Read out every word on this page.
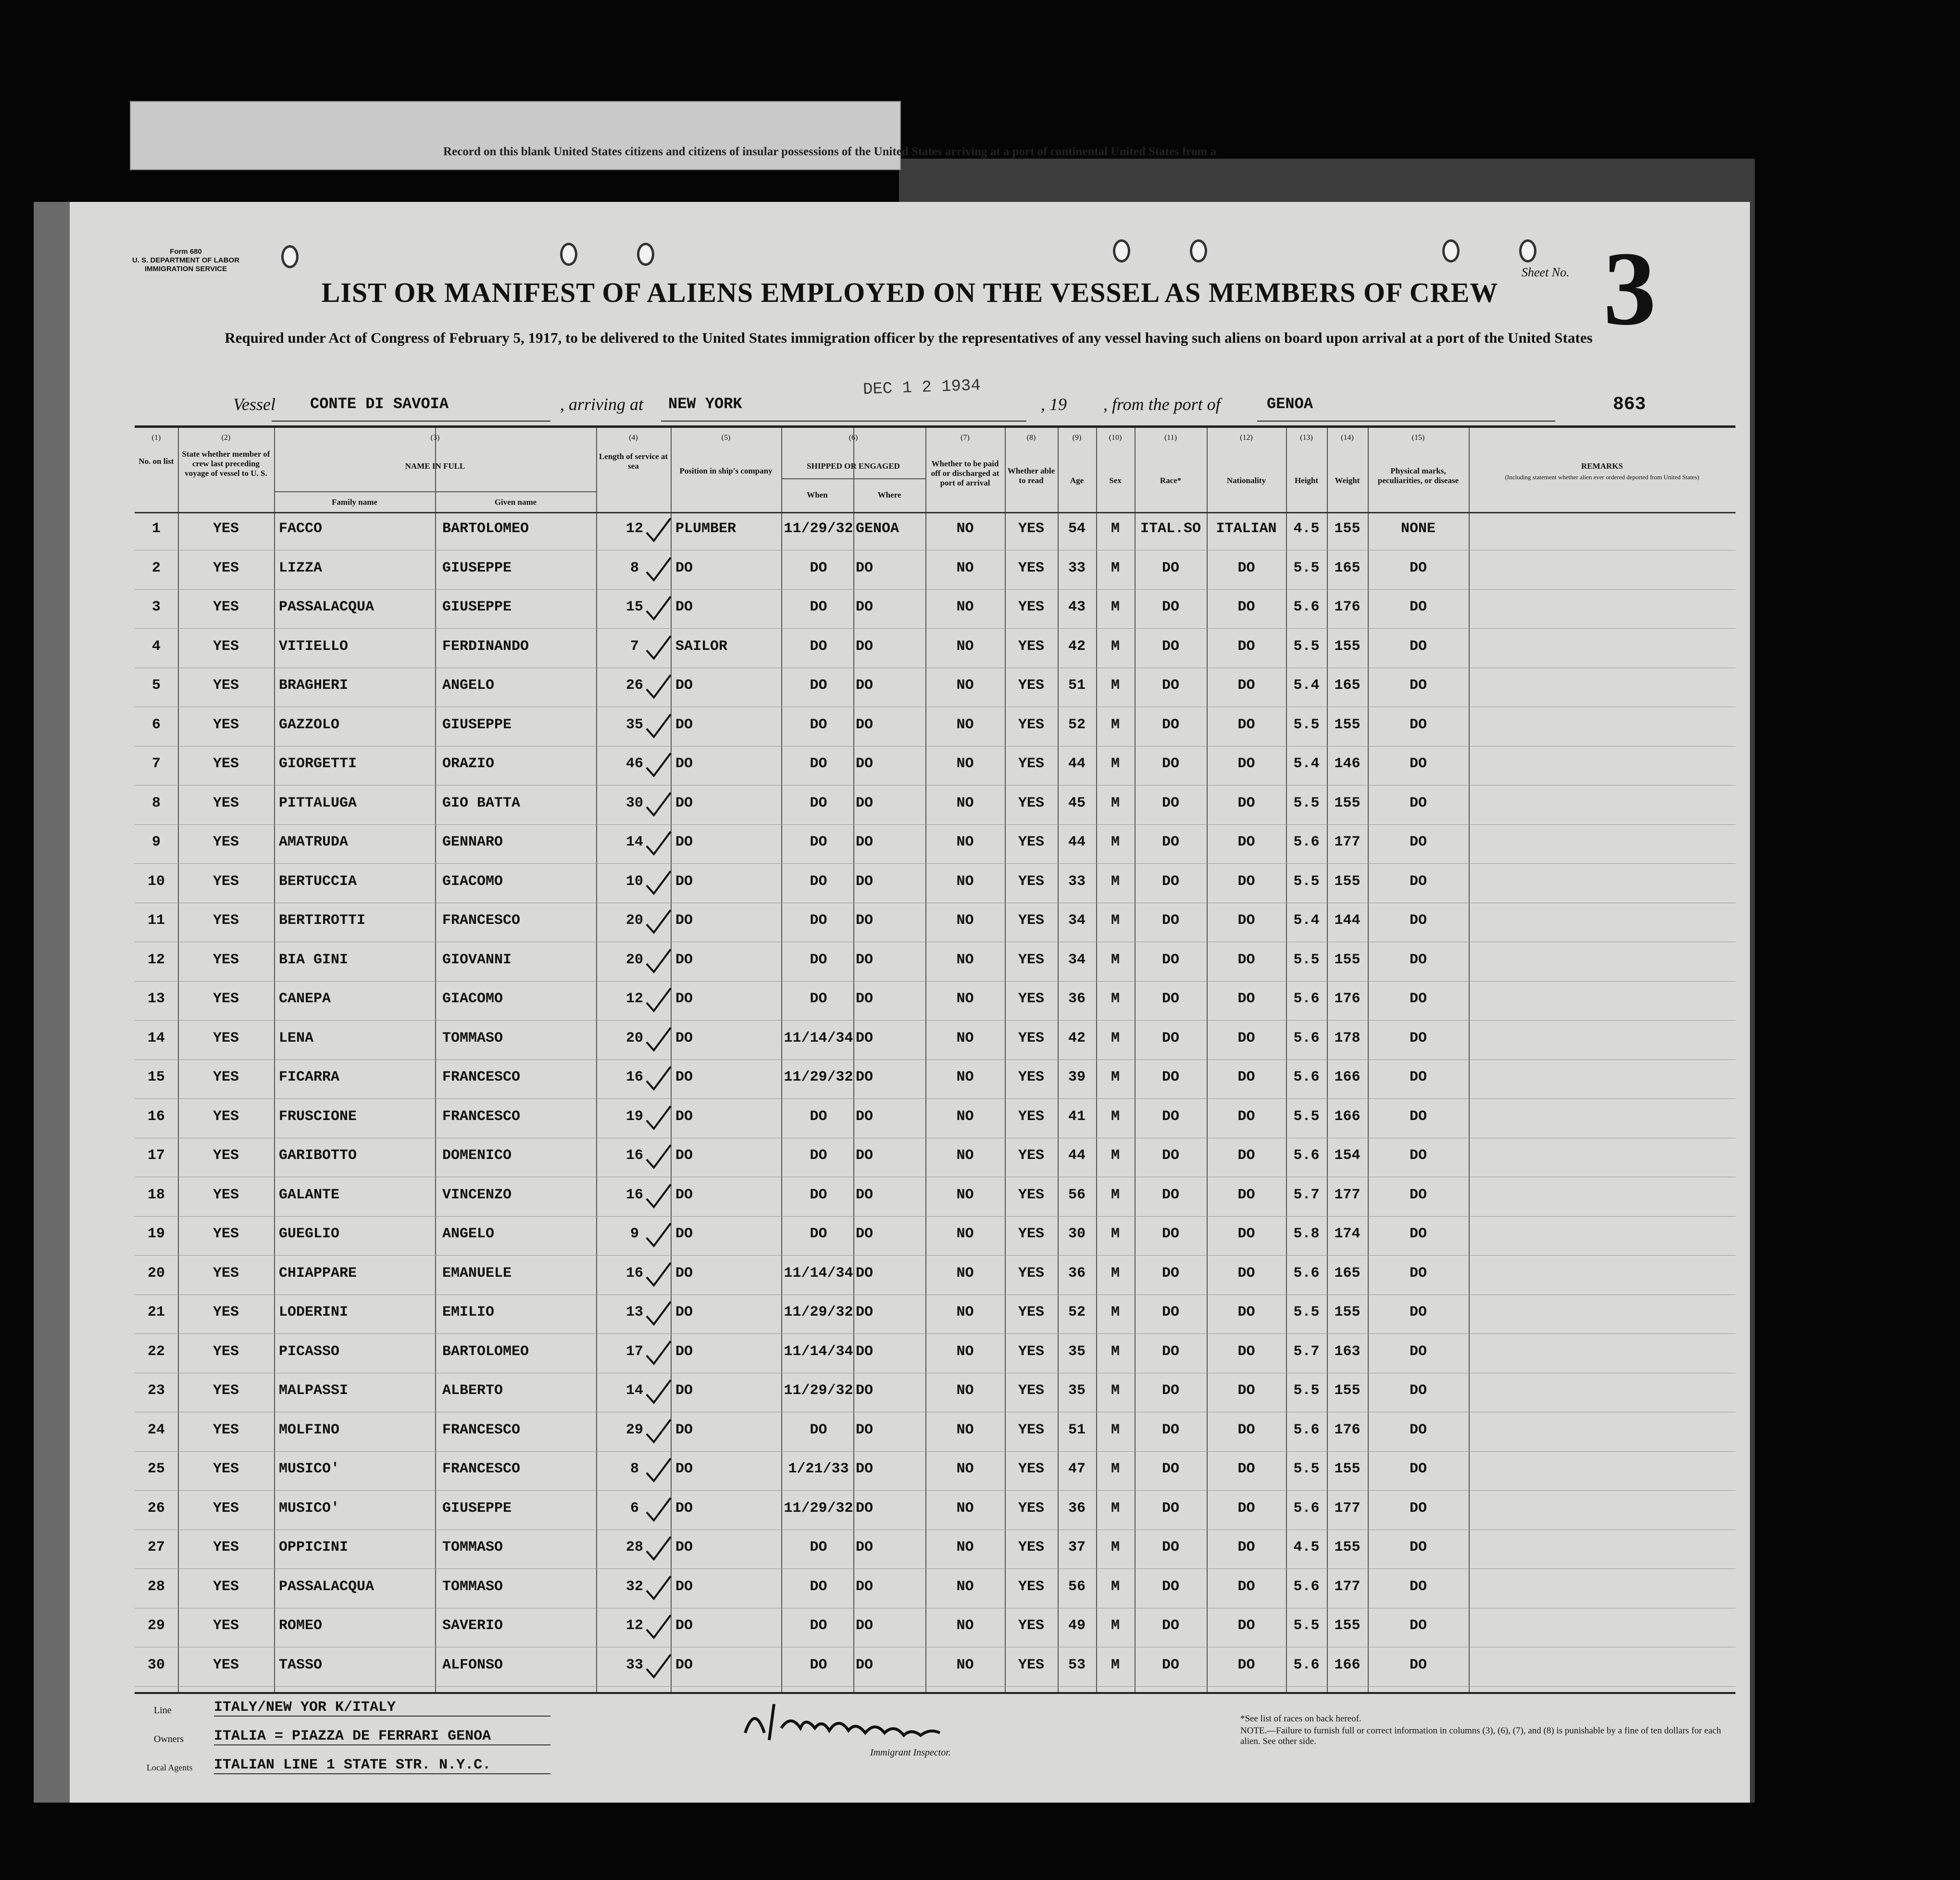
Record on this blank United States citizens and citizens of insular possessions of the United States arriving at a port of continental United States from a
Form 680
U. S. DEPARTMENT OF LABOR
IMMIGRATION SERVICE	Sheet No. 3
LIST OR MANIFEST OF ALIENS EMPLOYED ON THE VESSEL AS MEMBERS OF CREW
Required under Act of Congress of February 5, 1917, to be delivered to the United States immigration officer by the representatives of any vessel having such aliens on board upon arrival at a port of the United States
Vessel CONTE DI SAVOIA	, arriving at NEW YORK	, 19 , from the port of	GENOA
DEC 1 2 1934
863
(1)	(2)	(3)	(4)	(5)	(6)	(7)	(8)	(9)	(10)	(11)	(12)	(13)	(14)	(15)
No. on list
State whether member of crew last preceding voyage of vessel to U. S.
NAME IN FULL
Family name	Given name
Length of service at sea
Position in ship's company
SHIPPED OR ENGAGED
When	Where
Whether to be paid off or discharged at port of arrival
Whether able to read	Age	Sex	Race*	Nationality	Height	Weight
Physical marks, peculiarities, or disease
REMARKS
(Including statement whether alien ever ordered deported from United States)
1	YES	FACCO	BARTOLOMEO	12	PLUMBER	11/29/32 GENOA	NO	YES	54	M	ITAL.SO	ITALIAN	4.5	155	NONE
2	YES	LIZZA	GIUSEPPE	8	DO	DO	DO	NO	YES	33	M	DO	DO	5.5	165	DO
3	YES	PASSALACQUA	GIUSEPPE	15	DO	DO	DO	NO	YES	43	M	DO	DO	5.6	176	DO
4	YES	VITIELLO	FERDINANDO	7	SAILOR	DO	DO	NO	YES	42	M	DO	DO	5.5	155	DO
5	YES	BRAGHERI	ANGELO	26	DO	DO	DO	NO	YES	51	M	DO	DO	5.4	165	DO
6	YES	GAZZOLO	GIUSEPPE	35	DO	DO	DO	NO	YES	52	M	DO	DO	5.5	155	DO
7	YES	GIORGETTI	ORAZIO	46	DO	DO	DO	NO	YES	44	M	DO	DO	5.4	146	DO
8	YES	PITTALUGA	GIO BATTA	30	DO	DO	DO	NO	YES	45	M	DO	DO	5.5	155	DO
9	YES	AMATRUDA	GENNARO	14	DO	DO	DO	NO	YES	44	M	DO	DO	5.6	177	DO
10	YES	BERTUCCIA	GIACOMO	10	DO	DO	DO	NO	YES	33	M	DO	DO	5.5	155	DO
11	YES	BERTIROTTI	FRANCESCO	20	DO	DO	DO	NO	YES	34	M	DO	DO	5.4	144	DO
12	YES	BIA GINI	GIOVANNI	20	DO	DO	DO	NO	YES	34	M	DO	DO	5.5	155	DO
13	YES	CANEPA	GIACOMO	12	DO	DO	DO	NO	YES	36	M	DO	DO	5.6	176	DO
14	YES	LENA	TOMMASO	20	DO	11/14/34 DO	NO	YES	42	M	DO	DO	5.6	178	DO
15	YES	FICARRA	FRANCESCO	16	DO	11/29/32 DO	NO	YES	39	M	DO	DO	5.6	166	DO
16	YES	FRUSCIONE	FRANCESCO	19	DO	DO	DO	NO	YES	41	M	DO	DO	5.5	166	DO
17	YES	GARIBOTTO	DOMENICO	16	DO	DO	DO	NO	YES	44	M	DO	DO	5.6	154	DO
18	YES	GALANTE	VINCENZO	16	DO	DO	DO	NO	YES	56	M	DO	DO	5.7	177	DO
19	YES	GUEGLIO	ANGELO	9	DO	DO	DO	NO	YES	30	M	DO	DO	5.8	174	DO
20	YES	CHIAPPARE	EMANUELE	16	DO	11/14/34 DO	NO	YES	36	M	DO	DO	5.6	165	DO
21	YES	LODERINI	EMILIO	13	DO	11/29/32 DO	NO	YES	52	M	DO	DO	5.5	155	DO
22	YES	PICASSO	BARTOLOMEO	17	DO	11/14/34 DO	NO	YES	35	M	DO	DO	5.7	163	DO
23	YES	MALPASSI	ALBERTO	14	DO	11/29/32 DO	NO	YES	35	M	DO	DO	5.5	155	DO
24	YES	MOLFINO	FRANCESCO	29	DO	DO	DO	NO	YES	51	M	DO	DO	5.6	176	DO
25	YES	MUSICO'	FRANCESCO	8	DO	1/21/33 DO	NO	YES	47	M	DO	DO	5.5	155	DO
26	YES	MUSICO'	GIUSEPPE	6	DO	11/29/32 DO	NO	YES	36	M	DO	DO	5.6	177	DO
27	YES	OPPICINI	TOMMASO	28	DO	DO	DO	NO	YES	37	M	DO	DO	4.5	155	DO
28	YES	PASSALACQUA	TOMMASO	32	DO	DO	DO	NO	YES	56	M	DO	DO	5.6	177	DO
29	YES	ROMEO	SAVERIO	12	DO	DO	DO	NO	YES	49	M	DO	DO	5.5	155	DO
30	YES	TASSO	ALFONSO	33	DO	DO	DO	NO	YES	53	M	DO	DO	5.6	166	DO
Line	ITALY/NEW YOR K/ITALY
Owners ITALIA = PIAZZA DE FERRARI GENOA
Local Agents ITALIAN LINE 1 STATE STR. N.Y.C.
Immigrant Inspector.
*See list of races on back hereof.
NOTE.—Failure to furnish full or correct information in columns (3), (6), (7), and (8) is punishable by a fine of ten dollars for each alien. See other side.
